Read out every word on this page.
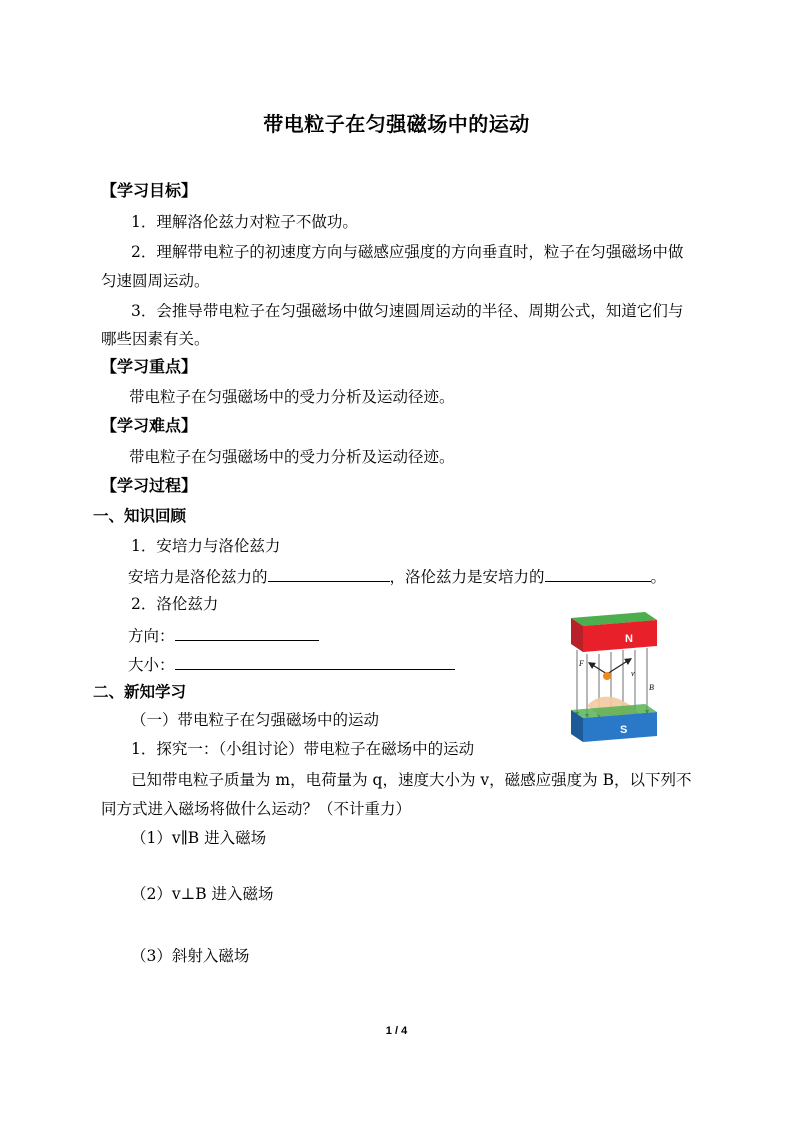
带电粒子在匀强磁场中的运动
【学习目标】
1．理解洛伦兹力对粒子不做功。
2．理解带电粒子的初速度方向与磁感应强度的方向垂直时，粒子在匀强磁场中做
匀速圆周运动。
3．会推导带电粒子在匀强磁场中做匀速圆周运动的半径、周期公式，知道它们与
哪些因素有关。
【学习重点】
带电粒子在匀强磁场中的受力分析及运动径迹。
【学习难点】
带电粒子在匀强磁场中的受力分析及运动径迹。
【学习过程】
一、知识回顾
1．安培力与洛伦兹力
安培力是洛伦兹力的	，洛伦兹力是安培力的	。
2．洛伦兹力
方向：
大小：
二、新知学习
（一）带电粒子在匀强磁场中的运动
1．探究一：（小组讨论）带电粒子在磁场中的运动
已知带电粒子质量为 m，电荷量为 q，速度大小为 v，磁感应强度为 B，以下列不
同方式进入磁场将做什么运动？（不计重力）
（1）v∥B 进入磁场
（2）v⊥B 进入磁场
（3）斜射入磁场
N
F
v
B
S
1 / 4
